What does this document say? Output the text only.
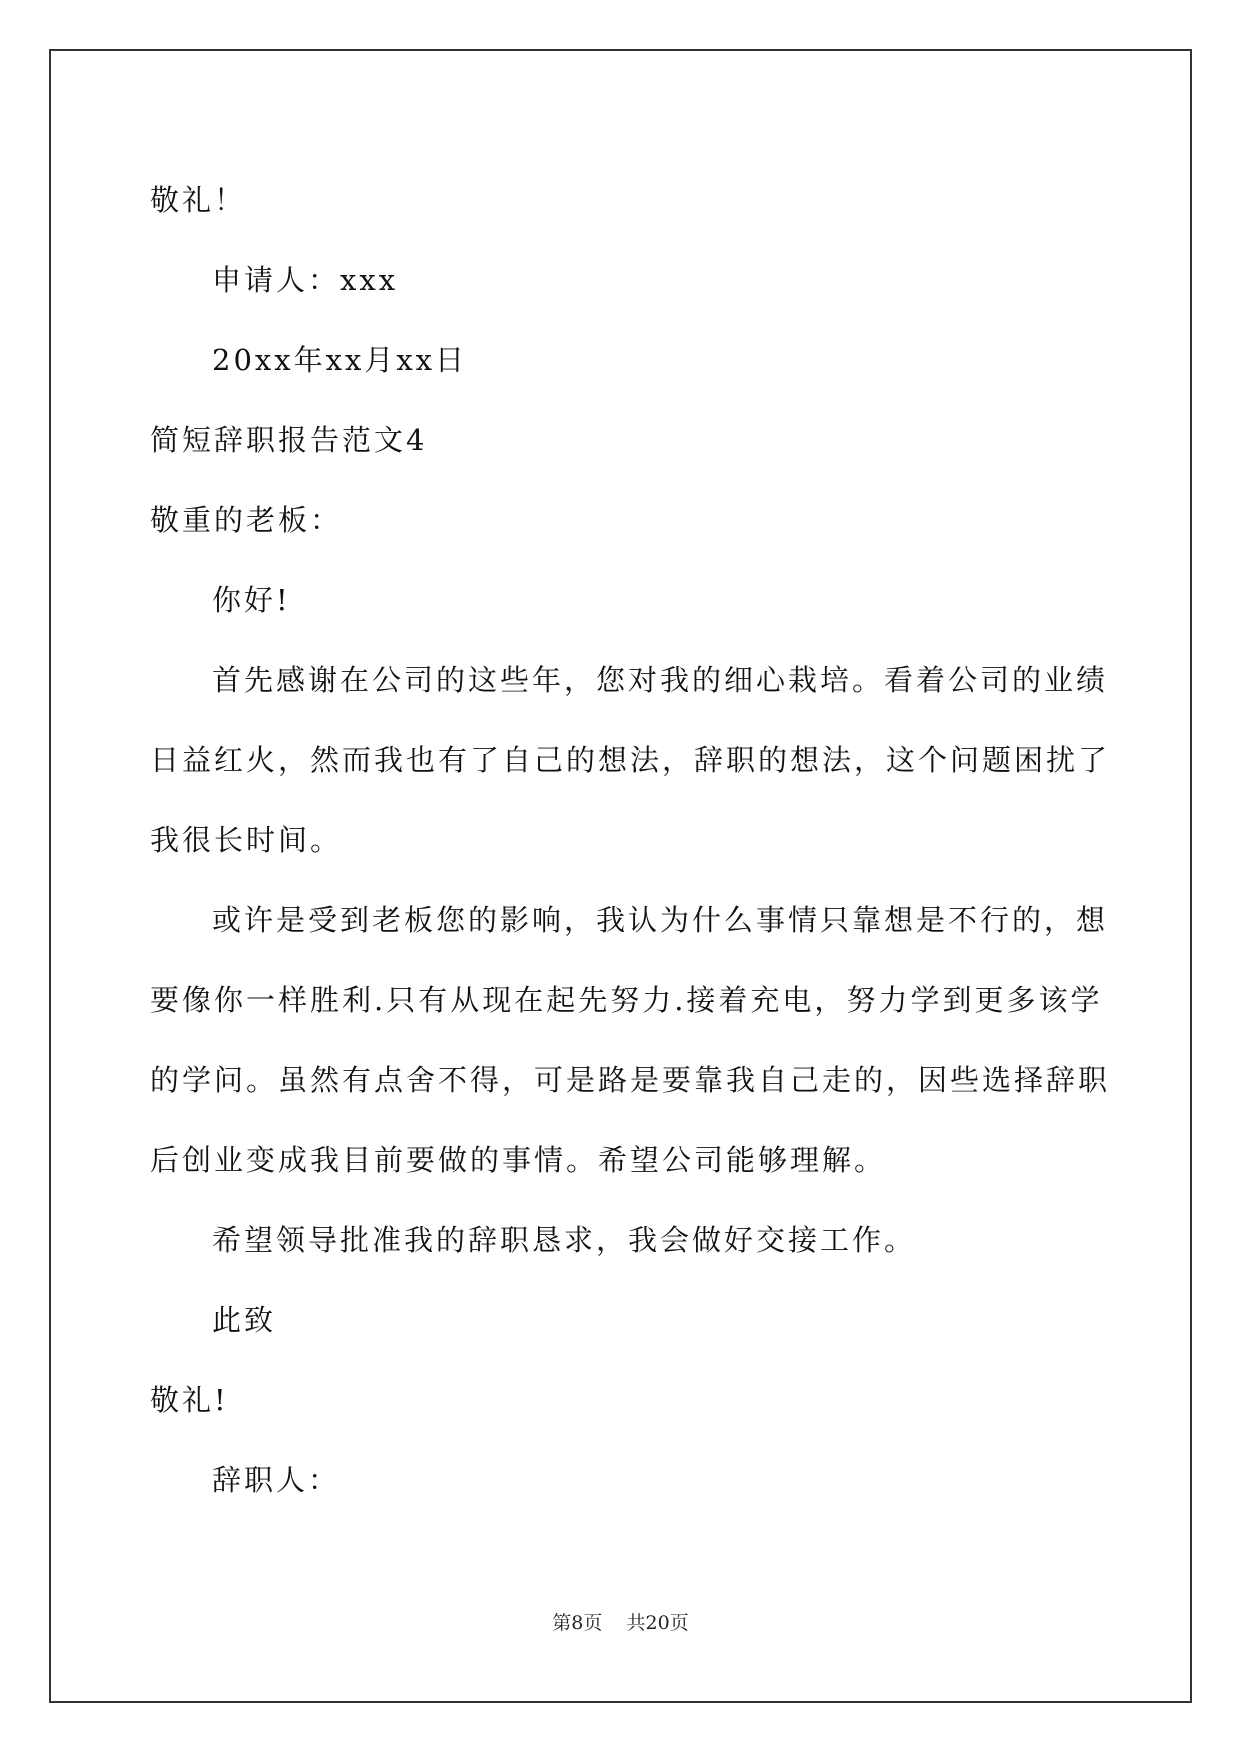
敬礼！
申请人：xxx
20xx年xx月xx日
简短辞职报告范文4
敬重的老板：
你好!
首先感谢在公司的这些年，您对我的细心栽培。看着公司的业绩
日益红火，然而我也有了自己的想法，辞职的想法，这个问题困扰了
我很长时间。
或许是受到老板您的影响，我认为什么事情只靠想是不行的，想
要像你一样胜利.只有从现在起先努力.接着充电，努力学到更多该学
的学问。虽然有点舍不得，可是路是要靠我自己走的，因些选择辞职
后创业变成我目前要做的事情。希望公司能够理解。
希望领导批准我的辞职恳求，我会做好交接工作。
此致
敬礼!
辞职人：
第8页 共20页
